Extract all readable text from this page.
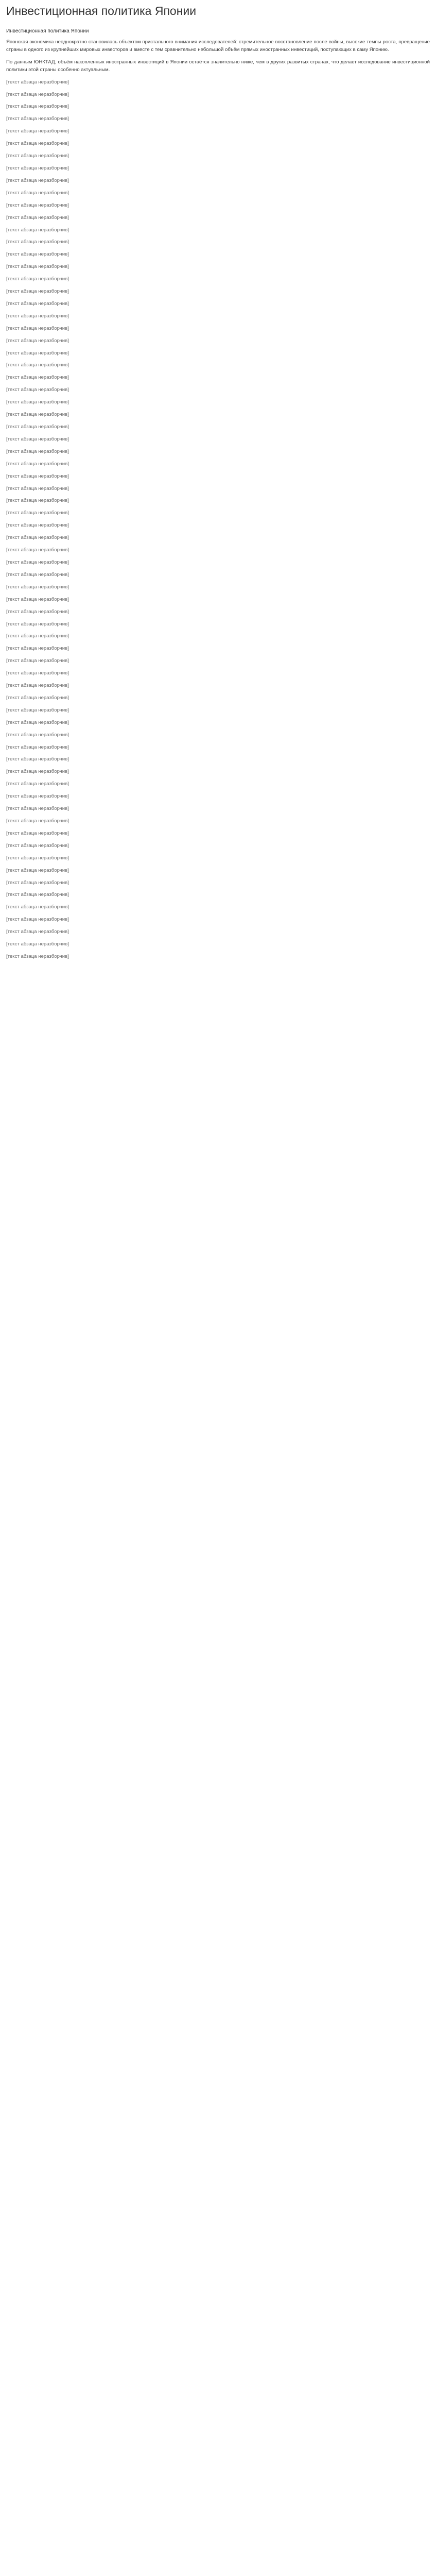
Инвестиционная политика Японии
Инвестиционная политика Японии

Японская экономика неоднократно становилась объектом пристального внимания исследователей: стремительное восстановление после войны, высокие темпы роста, превращение страны в одного из крупнейших мировых инвесторов и вместе с тем сравнительно небольшой объём прямых иностранных инвестиций, поступающих в саму Японию.

По данным ЮНКТАД, объём накопленных иностранных инвестиций в Японии остаётся значительно ниже, чем в других развитых странах, что делает исследование инвестиционной политики этой страны особенно актуальным.

[текст абзаца неразборчив]

[текст абзаца неразборчив]

[текст абзаца неразборчив]

[текст абзаца неразборчив]

[текст абзаца неразборчив]

[текст абзаца неразборчив]

[текст абзаца неразборчив]

[текст абзаца неразборчив]

[текст абзаца неразборчив]

[текст абзаца неразборчив]

[текст абзаца неразборчив]

[текст абзаца неразборчив]

[текст абзаца неразборчив]

[текст абзаца неразборчив]

[текст абзаца неразборчив]

[текст абзаца неразборчив]

[текст абзаца неразборчив]

[текст абзаца неразборчив]

[текст абзаца неразборчив]

[текст абзаца неразборчив]

[текст абзаца неразборчив]

[текст абзаца неразборчив]

[текст абзаца неразборчив]

[текст абзаца неразборчив]

[текст абзаца неразборчив]

[текст абзаца неразборчив]

[текст абзаца неразборчив]

[текст абзаца неразборчив]

[текст абзаца неразборчив]

[текст абзаца неразборчив]

[текст абзаца неразборчив]

[текст абзаца неразборчив]

[текст абзаца неразборчив]

[текст абзаца неразборчив]

[текст абзаца неразборчив]

[текст абзаца неразборчив]

[текст абзаца неразборчив]

[текст абзаца неразборчив]

[текст абзаца неразборчив]

[текст абзаца неразборчив]

[текст абзаца неразборчив]

[текст абзаца неразборчив]

[текст абзаца неразборчив]

[текст абзаца неразборчив]

[текст абзаца неразборчив]

[текст абзаца неразборчив]

[текст абзаца неразборчив]

[текст абзаца неразборчив]

[текст абзаца неразборчив]

[текст абзаца неразборчив]

[текст абзаца неразборчив]

[текст абзаца неразборчив]

[текст абзаца неразборчив]

[текст абзаца неразборчив]

[текст абзаца неразборчив]

[текст абзаца неразборчив]

[текст абзаца неразборчив]

[текст абзаца неразборчив]

[текст абзаца неразборчив]

[текст абзаца неразборчив]

[текст абзаца неразборчив]

[текст абзаца неразборчив]

[текст абзаца неразборчив]

[текст абзаца неразборчив]

[текст абзаца неразборчив]

[текст абзаца неразборчив]

[текст абзаца неразборчив]

[текст абзаца неразборчив]

[текст абзаца неразборчив]

[текст абзаца неразборчив]

[текст абзаца неразборчив]

[текст абзаца неразборчив]
